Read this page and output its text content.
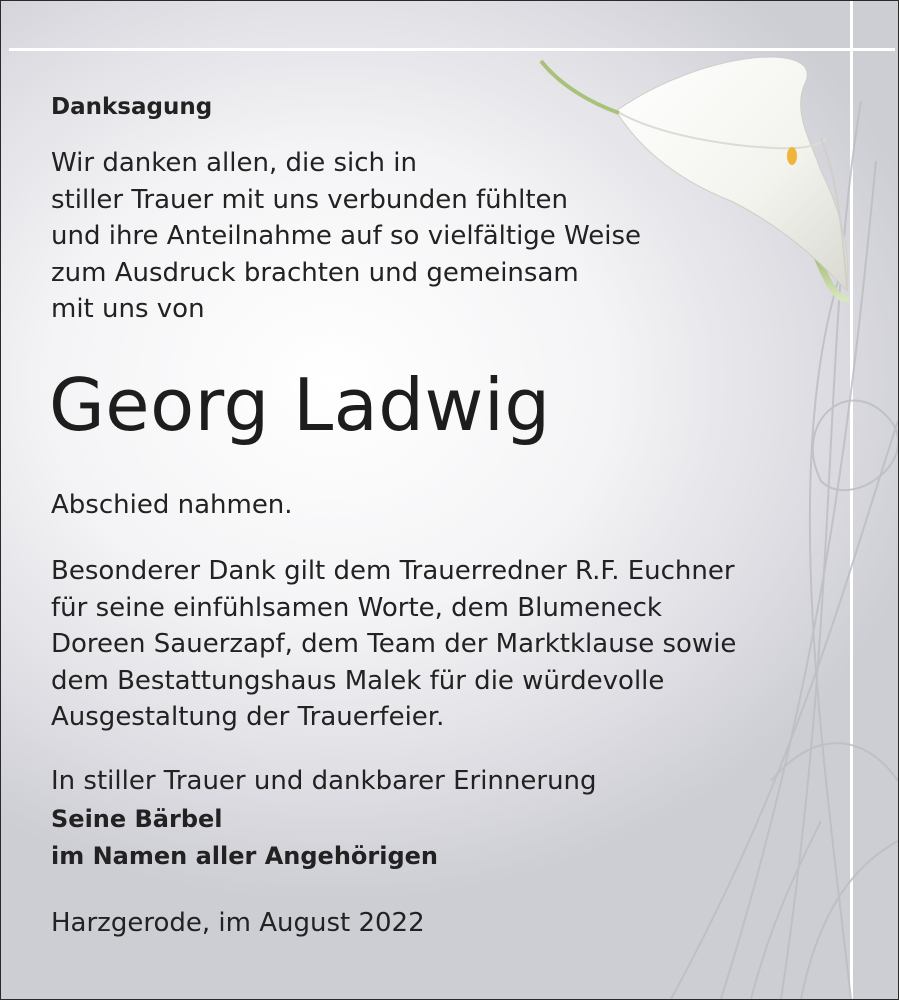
Danksagung

Wir danken allen, die sich in
stiller Trauer mit uns verbunden fühlten
und ihre Anteilnahme auf so vielfältige Weise
zum Ausdruck brachten und gemeinsam
mit uns von

Georg Ladwig

Abschied nahmen.

Besonderer Dank gilt dem Trauerredner R.F. Euchner
für seine einfühlsamen Worte, dem Blumeneck
Doreen Sauerzapf, dem Team der Marktklause sowie
dem Bestattungshaus Malek für die würdevolle
Ausgestaltung der Trauerfeier.

In stiller Trauer und dankbarer Erinnerung

Seine Bärbel

im Namen aller Angehörigen

Harzgerode, im August 2022
